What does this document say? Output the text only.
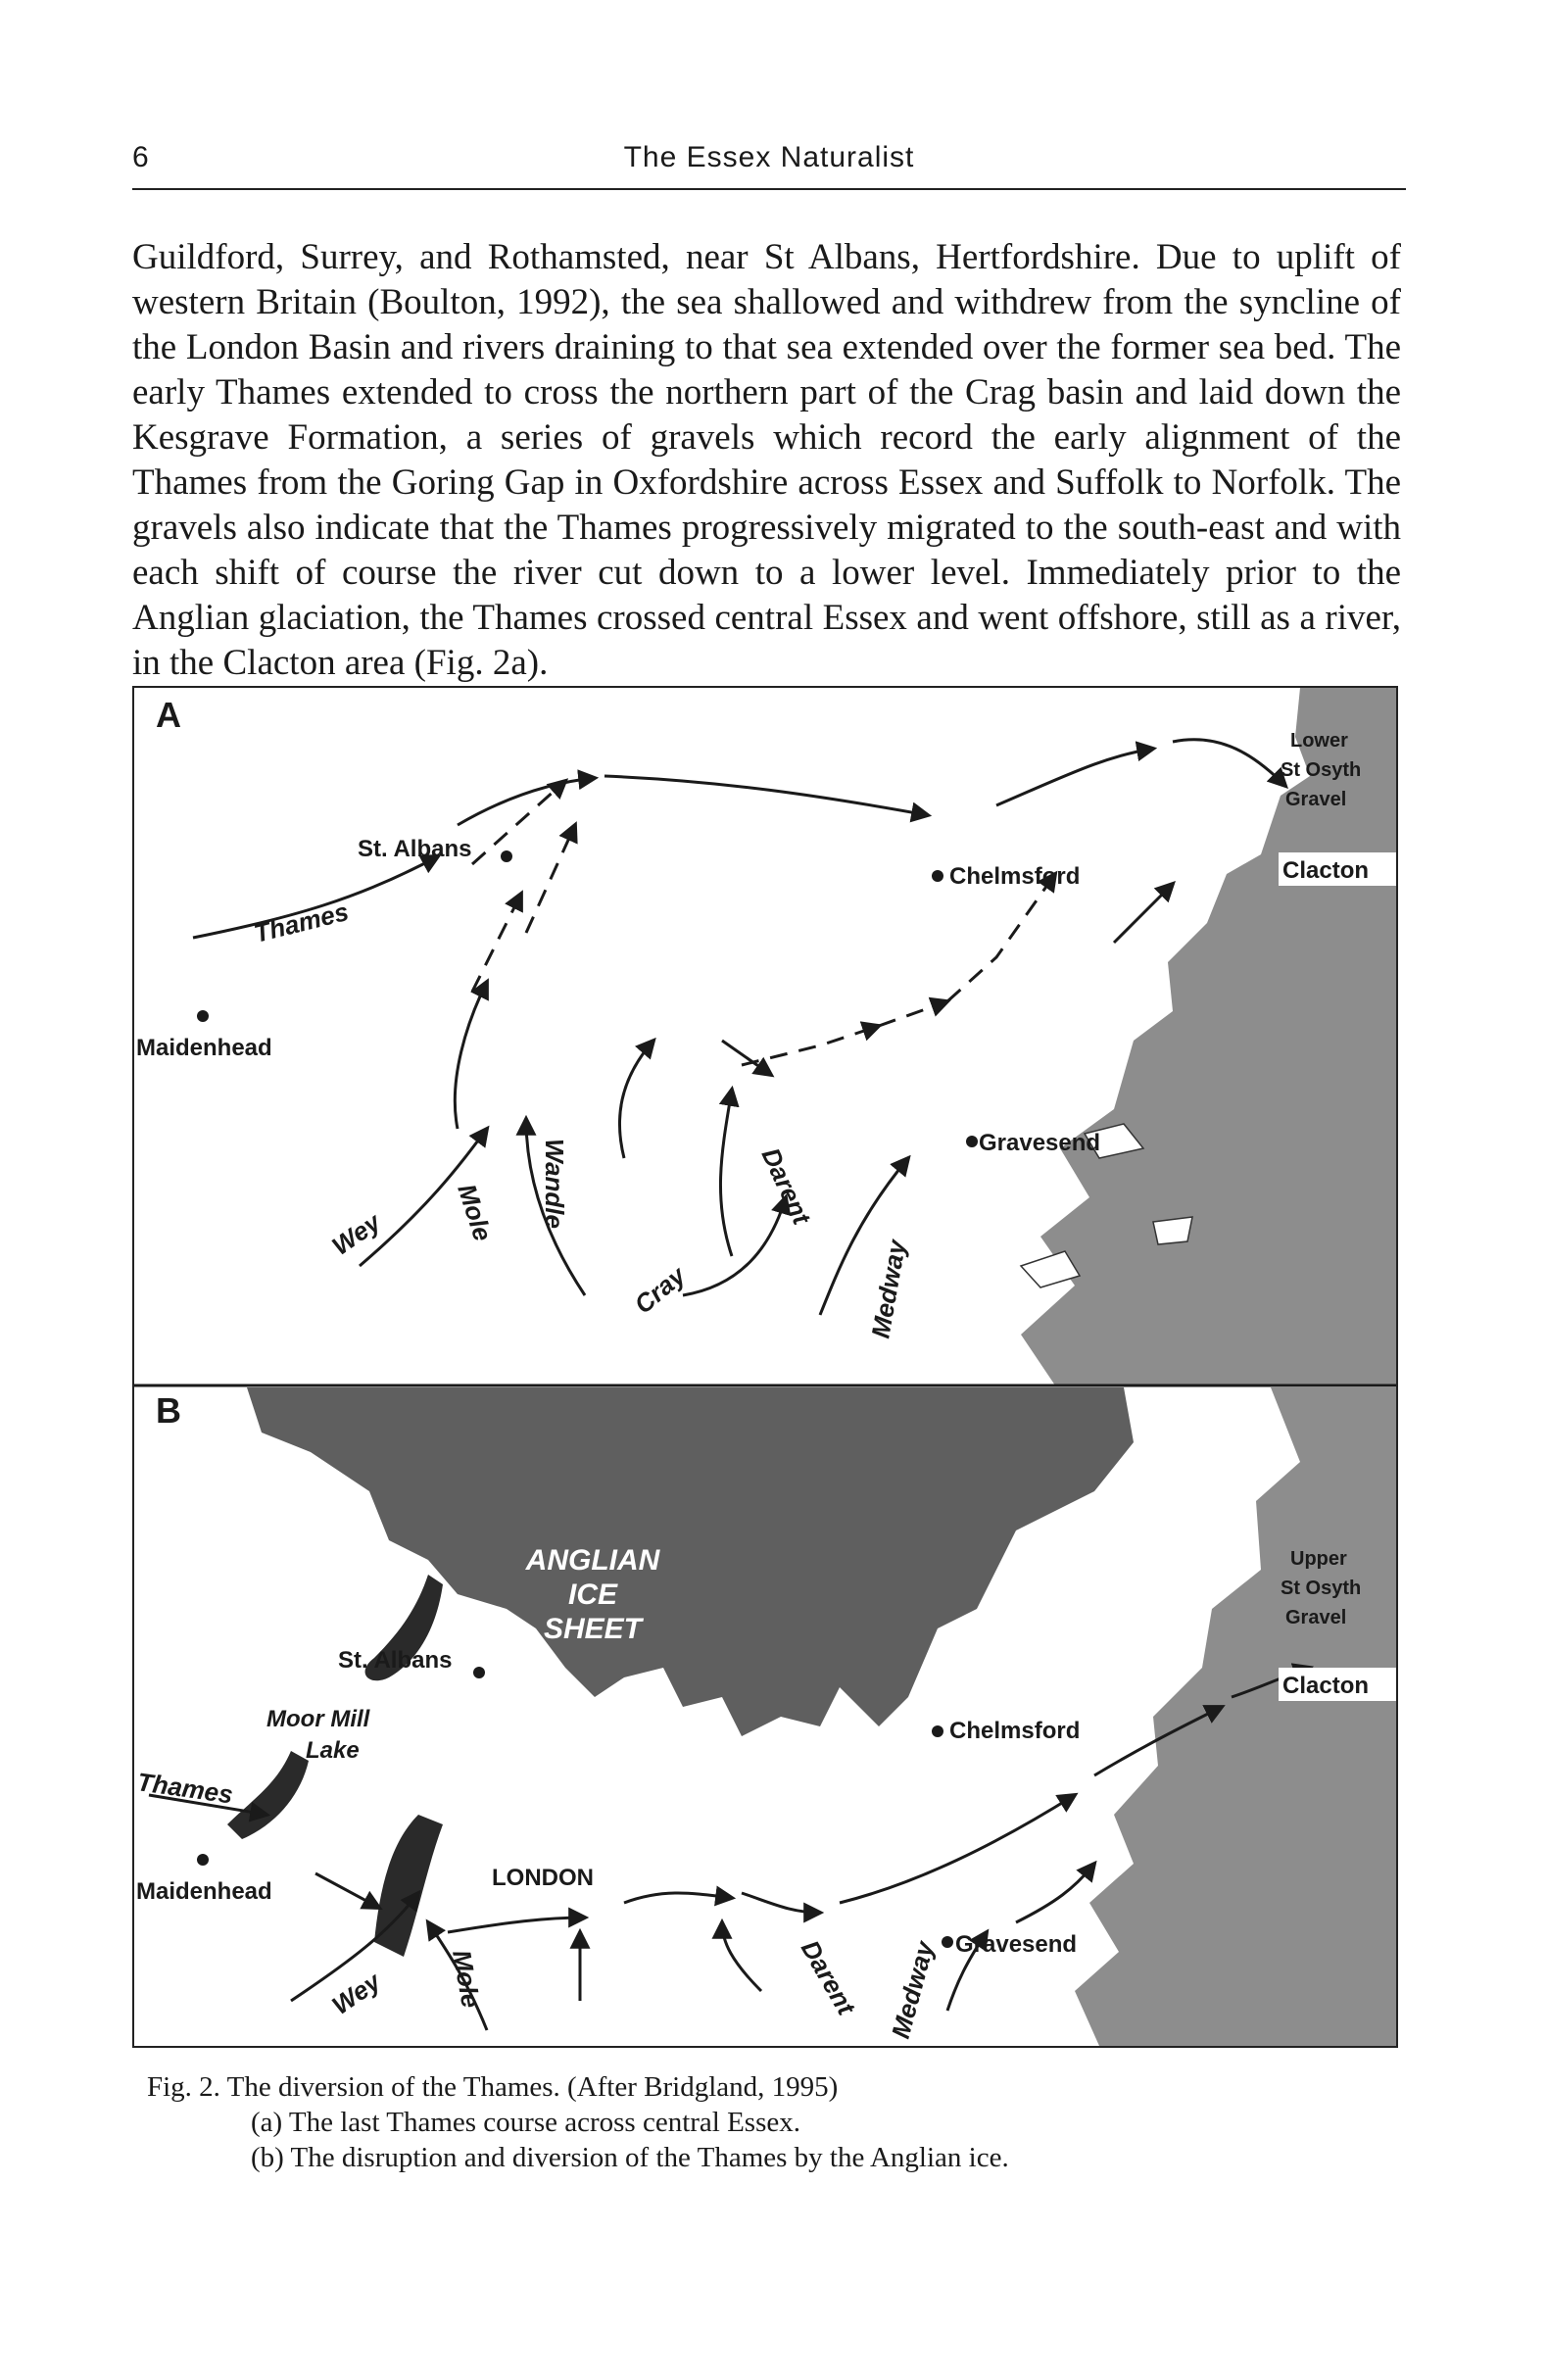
6	The Essex Naturalist

Guildford, Surrey, and Rothamsted, near St Albans, Hertfordshire. Due to uplift of western Britain (Boulton, 1992), the sea shallowed and withdrew from the syncline of the London Basin and rivers draining to that sea extended over the former sea bed. The early Thames extended to cross the northern part of the Crag basin and laid down the Kesgrave Formation, a series of gravels which record the early alignment of the Thames from the Goring Gap in Oxfordshire across Essex and Suffolk to Norfolk. The gravels also indicate that the Thames progressively migrated to the south-east and with each shift of course the river cut down to a lower level. Immediately prior to the Anglian glaciation, the Thames crossed central Essex and went offshore, still as a river, in the Clacton area (Fig. 2a).

A
St. Albans
Chelmsford	Clacton
Maidenhead
Gravesend
Lower
St Osyth
Gravel
Thames
Wey	Mole Wandle
Cray
Darent
Medway
B
ANGLIAN
ICE
SHEET
St. Albans
Moor Mill
Lake
Chelmsford
Clacton
Maidenhead
LONDON
Gravesend
Upper
St Osyth
Gravel
Thames
Wey Mole	Darent Medway
Fig. 2. The diversion of the Thames. (After Bridgland, 1995)
(a) The last Thames course across central Essex.
(b) The disruption and diversion of the Thames by the Anglian ice.
